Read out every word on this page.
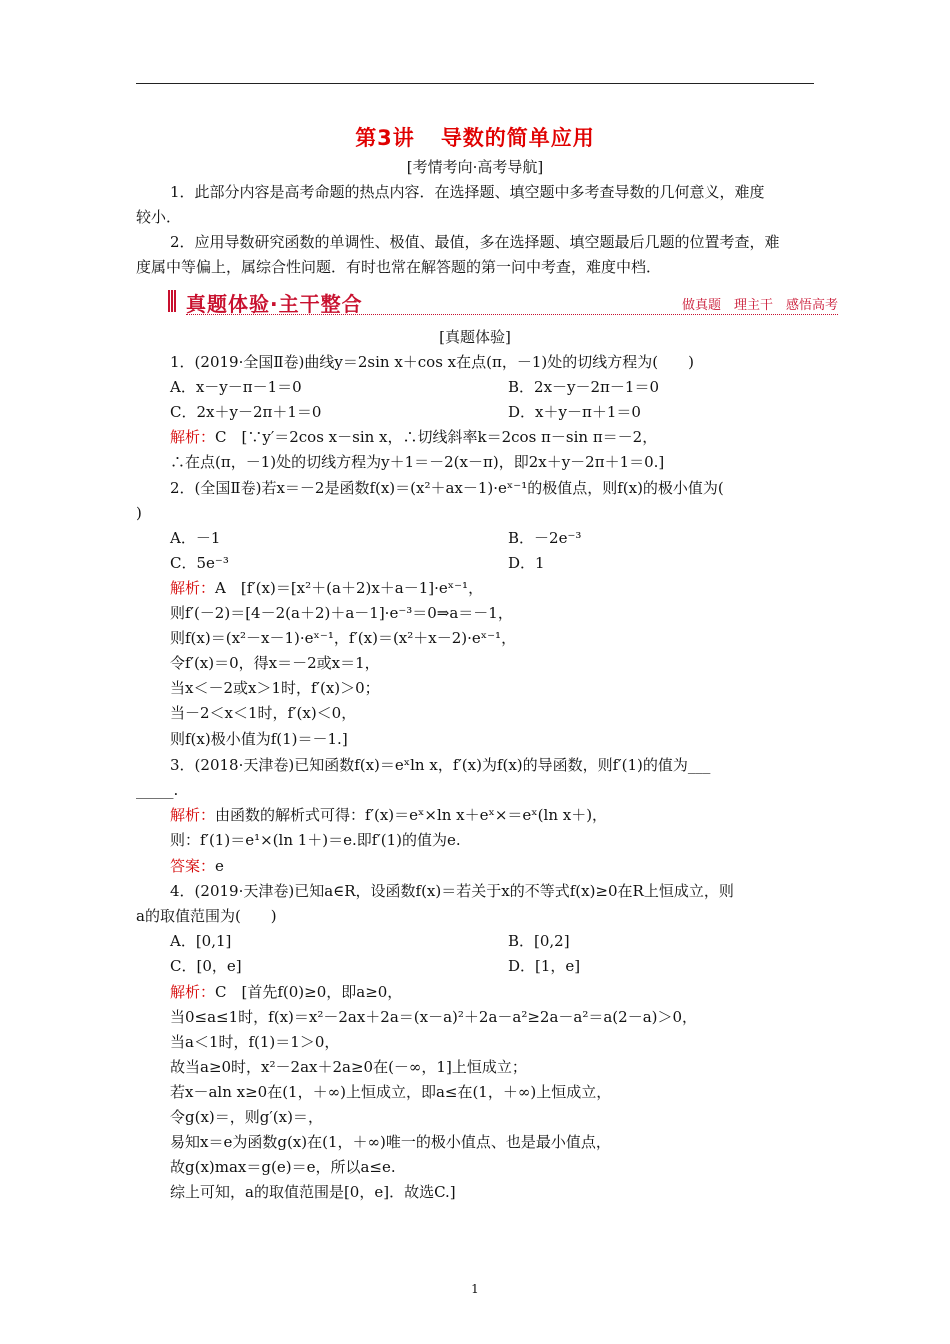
第3讲 导数的简单应用
[考情考向·高考导航]
1．此部分内容是高考命题的热点内容．在选择题、填空题中多考查导数的几何意义，难度
较小．
2．应用导数研究函数的单调性、极值、最值，多在选择题、填空题最后几题的位置考查，难
度属中等偏上，属综合性问题．有时也常在解答题的第一问中考查，难度中档．
真题体验·主干整合	做真题　理主干　感悟高考
[真题体验]
1．(2019·全国Ⅱ卷)曲线y＝2sin x＋cos x在点(π，－1)处的切线方程为(　　)
A．x－y－π－1＝0	B．2x－y－2π－1＝0
C．2x＋y－2π＋1＝0	D．x＋y－π＋1＝0
解析：C　[∵y′＝2cos x－sin x，∴切线斜率k＝2cos π－sin π＝－2，
∴在点(π，－1)处的切线方程为y＋1＝－2(x－π)，即2x＋y－2π＋1＝0.]
2．(全国Ⅱ卷)若x＝－2是函数f(x)＝(x²＋ax－1)·eˣ⁻¹的极值点，则f(x)的极小值为(
)
A．－1	B．－2e⁻³
C．5e⁻³	D．1
解析：A　[f′(x)＝[x²＋(a＋2)x＋a－1]·eˣ⁻¹，
则f′(－2)＝[4－2(a＋2)＋a－1]·e⁻³＝0⇒a＝－1，
则f(x)＝(x²－x－1)·eˣ⁻¹，f′(x)＝(x²＋x－2)·eˣ⁻¹，
令f′(x)＝0，得x＝－2或x＝1，
当x＜－2或x＞1时，f′(x)＞0；
当－2＜x＜1时，f′(x)＜0，
则f(x)极小值为f(1)＝－1.]
3．(2018·天津卷)已知函数f(x)＝eˣln x，f′(x)为f(x)的导函数，则f′(1)的值为___
_____.
解析：由函数的解析式可得：f′(x)＝eˣ×ln x＋eˣ×＝eˣ(ln x＋)，
则：f′(1)＝e¹×(ln 1＋)＝e.即f′(1)的值为e.
答案：e
4．(2019·天津卷)已知a∈R，设函数f(x)＝若关于x的不等式f(x)≥0在R上恒成立，则
a的取值范围为(　　)
A．[0,1]	B．[0,2]
C．[0，e]	D．[1，e]
解析：C　[首先f(0)≥0，即a≥0，
当0≤a≤1时，f(x)＝x²－2ax＋2a＝(x－a)²＋2a－a²≥2a－a²＝a(2－a)＞0，
当a＜1时，f(1)＝1＞0，
故当a≥0时，x²－2ax＋2a≥0在(－∞，1]上恒成立；
若x－aln x≥0在(1，＋∞)上恒成立，即a≤在(1，＋∞)上恒成立，
令g(x)＝，则g′(x)＝，
易知x＝e为函数g(x)在(1，＋∞)唯一的极小值点、也是最小值点，
故g(x)max＝g(e)＝e，所以a≤e.
综上可知，a的取值范围是[0，e]．故选C.]
1
